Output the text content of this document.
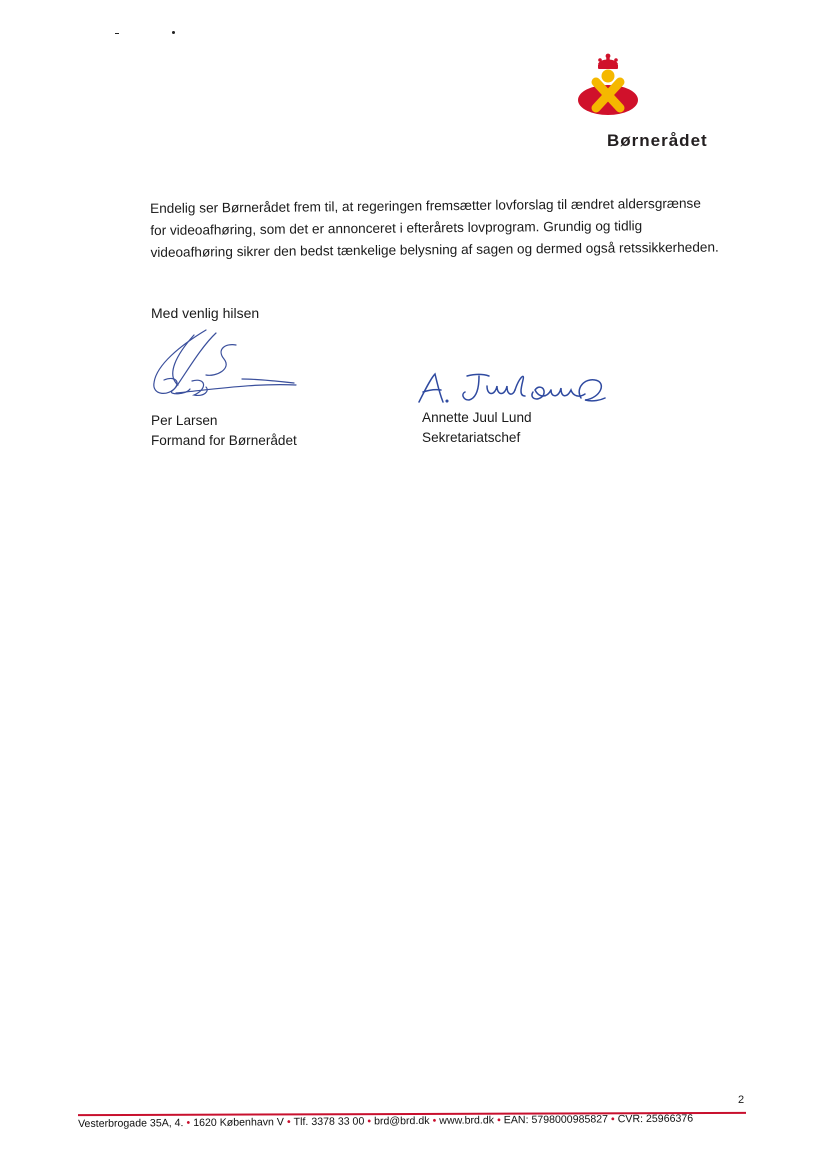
Børnerådet

Endelig ser Børnerådet frem til, at regeringen fremsætter lovforslag til ændret aldersgrænse

for videoafhøring, som det er annonceret i efterårets lovprogram. Grundig og tidlig

videoafhøring sikrer den bedst tænkelige belysning af sagen og dermed også retssikkerheden.

Med venlig hilsen
Per Larsen
Formand for Børnerådet
Annette Juul Lund
Sekretariatschef
2
Vesterbrogade 35A, 4. • 1620 København V • Tlf. 3378 33 00 • brd@brd.dk • www.brd.dk • EAN: 5798000985827 • CVR: 25966376
